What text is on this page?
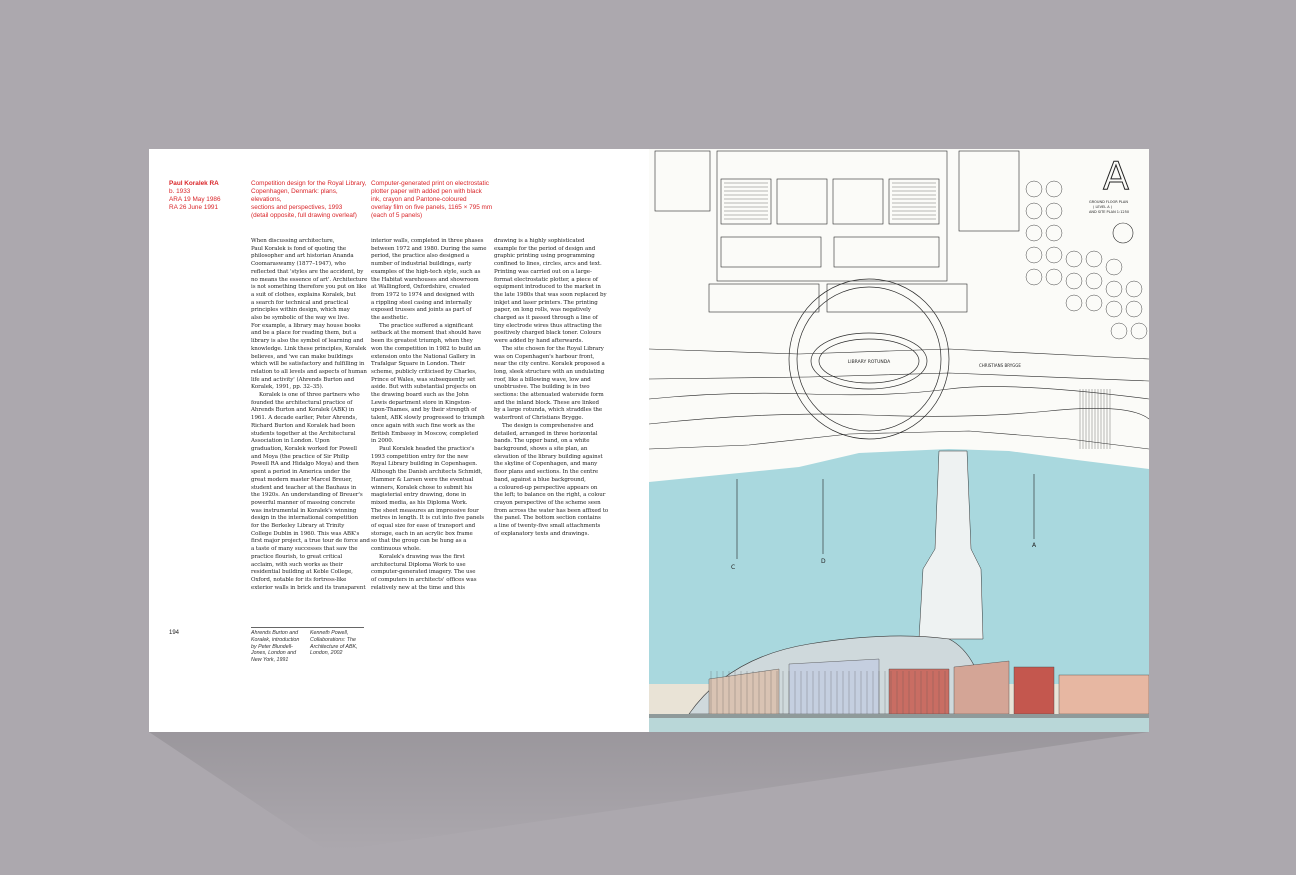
Paul Koralek RA
b. 1933
ARA 19 May 1986
RA 26 June 1991
Competition design for the Royal Library,
Copenhagen, Denmark: plans, elevations,
sections and perspectives, 1993
(detail opposite, full drawing overleaf)
Computer-generated print on electrostatic
plotter paper with added pen with black
ink, crayon and Pantone-coloured
overlay film on five panels, 1165 × 795 mm
(each of 5 panels)

When discussing architecture,

Paul Koralek is fond of quoting the

philosopher and art historian Ananda

Coomaraswamy (1877–1947), who

reflected that 'styles are the accident, by

no means the essence of art'. Architecture

is not something therefore you put on like

a suit of clothes, explains Koralek, but

a search for technical and practical

principles within design, which may

also be symbolic of the way we live.

For example, a library may house books

and be a place for reading them, but a

library is also the symbol of learning and

knowledge. Link these principles, Koralek

believes, and 'we can make buildings

which will be satisfactory and fulfilling in

relation to all levels and aspects of human

life and activity' (Ahrends Burton and

Koralek, 1991, pp. 32–35).

Koralek is one of three partners who

founded the architectural practice of

Ahrends Burton and Koralek (ABK) in

1961. A decade earlier, Peter Ahrends,

Richard Burton and Koralek had been

students together at the Architectural

Association in London. Upon

graduation, Koralek worked for Powell

and Moya (the practice of Sir Philip

Powell RA and Hidalgo Moya) and then

spent a period in America under the

great modern master Marcel Breuer,

student and teacher at the Bauhaus in

the 1920s. An understanding of Breuer's

powerful manner of massing concrete

was instrumental in Koralek's winning

design in the international competition

for the Berkeley Library at Trinity

College Dublin in 1960. This was ABK's

first major project, a true tour de force and

a taste of many successes that saw the

practice flourish, to great critical

acclaim, with such works as their

residential building at Keble College,

Oxford, notable for its fortress-like

exterior walls in brick and its transparent

interior walls, completed in three phases

between 1972 and 1980. During the same

period, the practice also designed a

number of industrial buildings, early

examples of the high-tech style, such as

the Habitat warehouses and showroom

at Wallingford, Oxfordshire, created

from 1972 to 1974 and designed with

a rippling steel casing and internally

exposed trusses and joints as part of

the aesthetic.

The practice suffered a significant

setback at the moment that should have

been its greatest triumph, when they

won the competition in 1982 to build an

extension onto the National Gallery in

Trafalgar Square in London. Their

scheme, publicly criticised by Charles,

Prince of Wales, was subsequently set

aside. But with substantial projects on

the drawing board such as the John

Lewis department store in Kingston-

upon-Thames, and by their strength of

talent, ABK slowly progressed to triumph

once again with such fine work as the

British Embassy in Moscow, completed

in 2000.

Paul Koralek headed the practice's

1993 competition entry for the new

Royal Library building in Copenhagen.

Although the Danish architects Schmidt,

Hammer & Larsen were the eventual

winners, Koralek chose to submit his

magisterial entry drawing, done in

mixed media, as his Diploma Work.

The sheet measures an impressive four

metres in length. It is cut into five panels

of equal size for ease of transport and

storage, each in an acrylic box frame

so that the group can be hung as a

continuous whole.

Koralek's drawing was the first

architectural Diploma Work to use

computer-generated imagery. The use

of computers in architects' offices was

relatively new at the time and this

drawing is a highly sophisticated

example for the period of design and

graphic printing using programming

confined to lines, circles, arcs and text.

Printing was carried out on a large-

format electrostatic plotter, a piece of

equipment introduced to the market in

the late 1980s that was soon replaced by

inkjet and laser printers. The printing

paper, on long rolls, was negatively

charged as it passed through a line of

tiny electrode wires thus attracting the

positively charged black toner. Colours

were added by hand afterwards.

The site chosen for the Royal Library

was on Copenhagen's harbour front,

near the city centre. Koralek proposed a

long, sleek structure with an undulating

roof, like a billowing wave, low and

unobtrusive. The building is in two

sections: the attenuated waterside form

and the inland block. These are linked

by a large rotunda, which straddles the

waterfront of Christians Brygge.

The design is comprehensive and

detailed, arranged in three horizontal

bands. The upper band, on a white

background, shows a site plan, an

elevation of the library building against

the skyline of Copenhagen, and many

floor plans and sections. In the centre

band, against a blue background,

a coloured-up perspective appears on

the left; to balance on the right, a colour

crayon perspective of the scheme seen

from across the water has been affixed to

the panel. The bottom section contains

a line of twenty-five small attachments

of explanatory texts and drawings.

194	Ahrends Burton and
Koralek, introduction
by Peter Blundell-
Jones, London and
New York, 1991
Kenneth Powell,
Collaborations: The
Architecture of ABK,
London, 2002
LIBRARY ROTUNDA
CHRISTIANS BRYGGE
A
GROUND FLOOR PLAN
( LEVEL A )
AND SITE PLAN 1:1250
C
D
A
